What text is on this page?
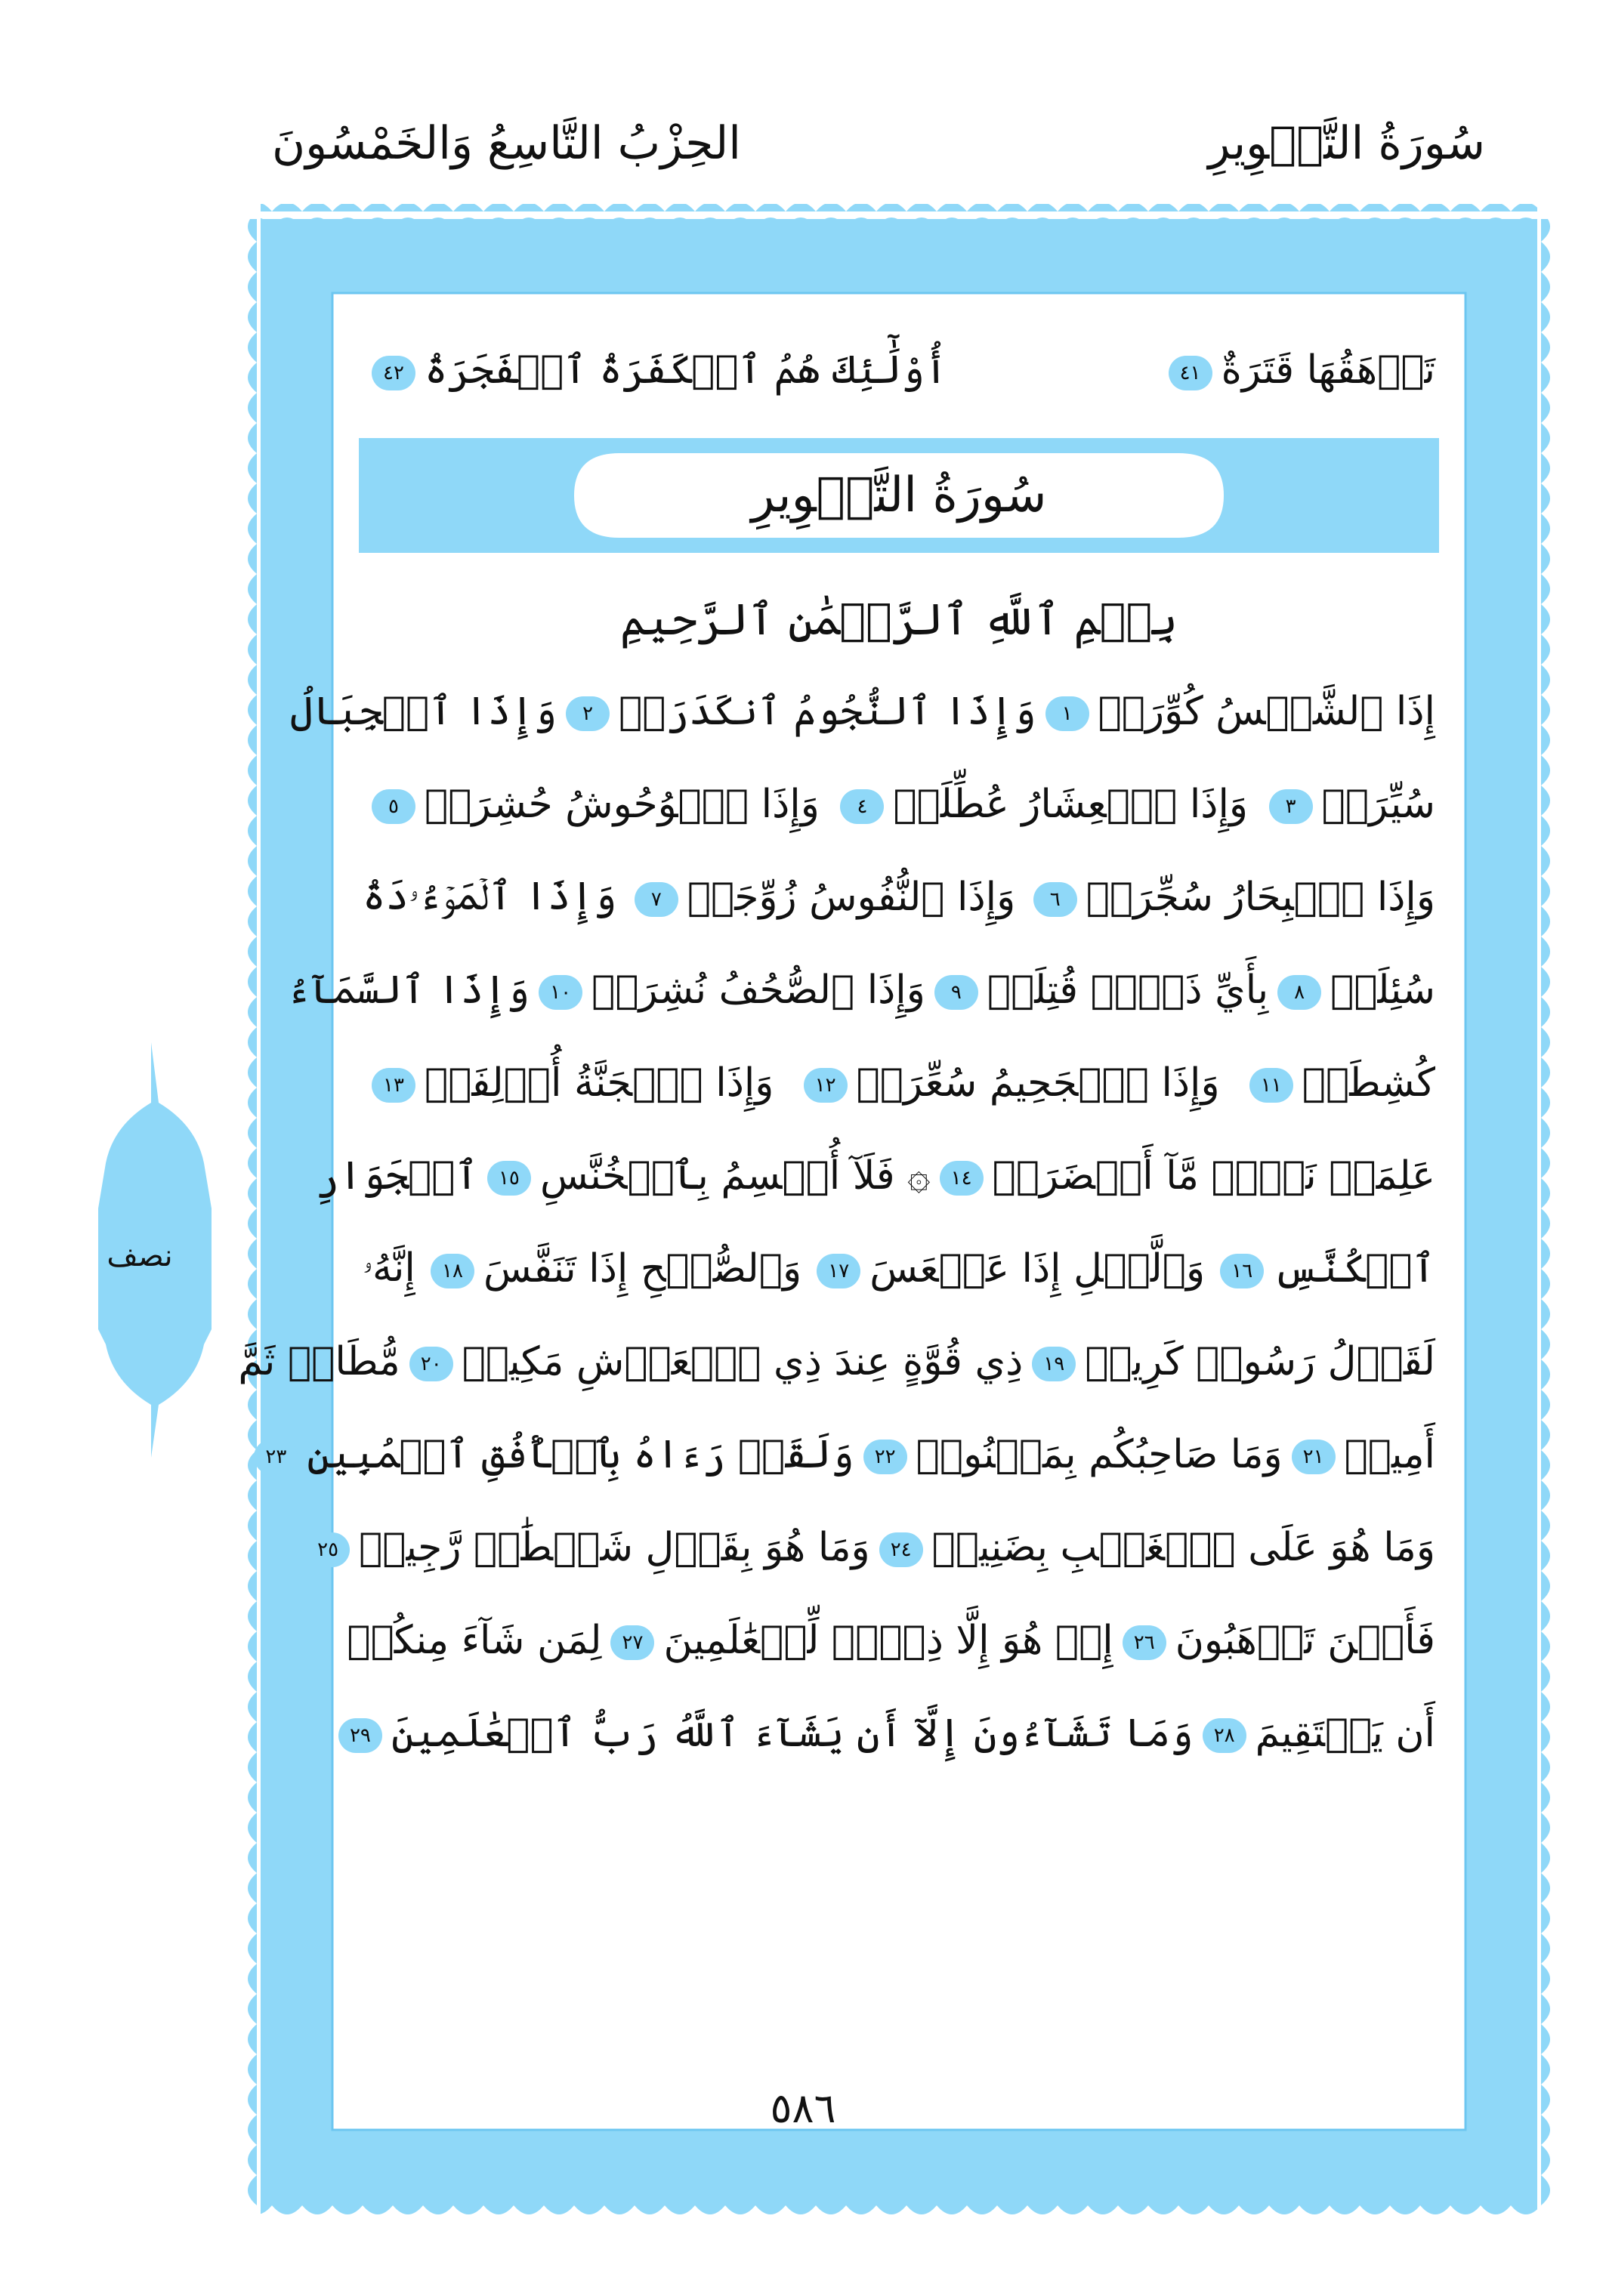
سُورَةُ التَّكۡوِيرِ
الحِزْبُ التَّاسِعُ وَالخَمْسُونَ
تَرۡهَقُهَا قَتَرَةٌ٤١
أُوْلَٰٓئِكَ هُمُ ٱلۡكَفَرَةُ ٱلۡفَجَرَةُ٤٢
سُورَةُ التَّكۡوِيرِ
بِسۡمِ ٱللَّهِ ٱلرَّحۡمَٰنِ ٱلرَّحِيمِ
إِذَا ٱلشَّمۡسُ كُوِّرَتۡ١
وَإِذَا ٱلنُّجُومُ ٱنكَدَرَتۡ٢
وَإِذَا ٱلۡجِبَالُ
سُيِّرَتۡ٣
وَإِذَا ٱلۡعِشَارُ عُطِّلَتۡ٤
وَإِذَا ٱلۡوُحُوشُ حُشِرَتۡ٥
وَإِذَا ٱلۡبِحَارُ سُجِّرَتۡ٦
وَإِذَا ٱلنُّفُوسُ زُوِّجَتۡ٧
وَإِذَا ٱلۡمَوۡءُۥدَةُ
سُئِلَتۡ٨
بِأَيِّ ذَنۢبٖ قُتِلَتۡ٩
وَإِذَا ٱلصُّحُفُ نُشِرَتۡ١٠
وَإِذَا ٱلسَّمَآءُ
كُشِطَتۡ١١
وَإِذَا ٱلۡجَحِيمُ سُعِّرَتۡ١٢
وَإِذَا ٱلۡجَنَّةُ أُزۡلِفَتۡ١٣
عَلِمَتۡ نَفۡسٞ مَّآ أَحۡضَرَتۡ١٤
۞ فَلَآ أُقۡسِمُ بِٱلۡخُنَّسِ١٥
ٱلۡجَوَارِ
ٱلۡكُنَّسِ١٦
وَٱلَّيۡلِ إِذَا عَسۡعَسَ١٧
وَٱلصُّبۡحِ إِذَا تَنَفَّسَ١٨
إِنَّهُۥ
لَقَوۡلُ رَسُولٖ كَرِيمٖ١٩
ذِي قُوَّةٍ عِندَ ذِي ٱلۡعَرۡشِ مَكِينٖ٢٠
مُّطَاعٖ ثَمَّ
أَمِينٖ٢١
وَمَا صَاحِبُكُم بِمَجۡنُونٖ٢٢
وَلَقَدۡ رَءَاهُ بِٱلۡأُفُقِ ٱلۡمُبِينِ٢٣
وَمَا هُوَ عَلَى ٱلۡغَيۡبِ بِضَنِينٖ٢٤
وَمَا هُوَ بِقَوۡلِ شَيۡطَٰنٖ رَّجِيمٖ٢٥
فَأَيۡنَ تَذۡهَبُونَ٢٦
إِنۡ هُوَ إِلَّا ذِكۡرٞ لِّلۡعَٰلَمِينَ٢٧
لِمَن شَآءَ مِنكُمۡ
أَن يَسۡتَقِيمَ٢٨
وَمَا تَشَآءُونَ إِلَّآ أَن يَشَآءَ ٱللَّهُ رَبُّ ٱلۡعَٰلَمِينَ٢٩
نصف
٥٨٦
